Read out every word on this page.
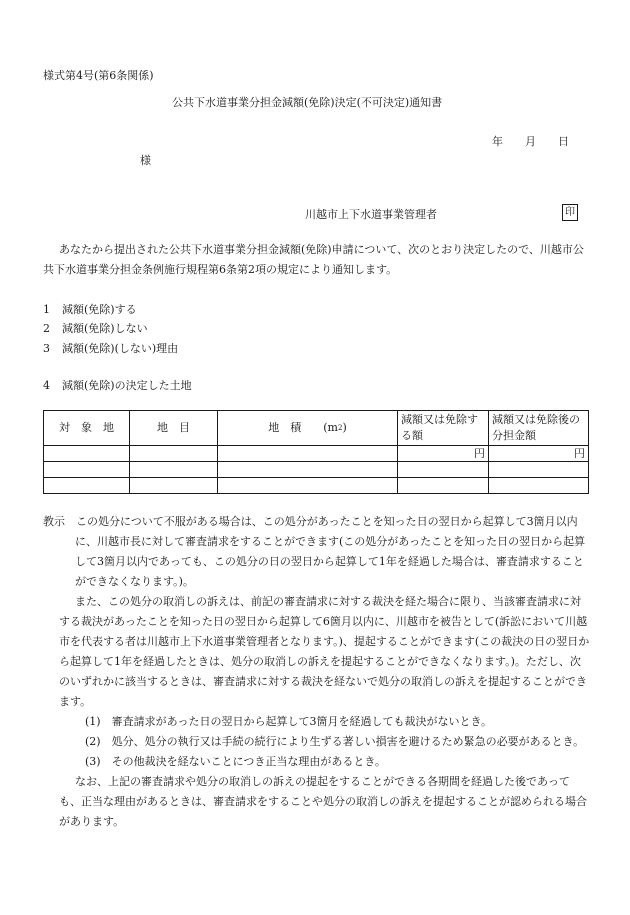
様式第4号(第6条関係)
公共下水道事業分担金減額(免除)決定(不可決定)通知書
年　　月　　日
様
川越市上下水道事業管理者	印
あなたから提出された公共下水道事業分担金減額(免除)申請について、次のとおり決定したので、川越市公共下水道事業分担金条例施行規程第6条第2項の規定により通知します。
1 減額(免除)する
2 減額(免除)しない
3 減額(免除)(しない)理由
4 減額(免除)の決定した土地
対　象　地	地　目	地　積   $(m^2)$	減額又は免除する額	減額又は免除後の分担金額
			円	円

教示  この処分について不服がある場合は、この処分があったことを知った日の翌日から起算して3箇月以内に、川越市長に対して審査請求をすることができます(この処分があったことを知った日の翌日から起算して3箇月以内であっても、この処分の日の翌日から起算して1年を経過した場合は、審査請求することができなくなります。)。

また、この処分の取消しの訴えは、前記の審査請求に対する裁決を経た場合に限り、当該審査請求に対する裁決があったことを知った日の翌日から起算して6箇月以内に、川越市を被告として(訴訟において川越市を代表する者は川越市上下水道事業管理者となります。)、提起することができます(この裁決の日の翌日から起算して1年を経過したときは、処分の取消しの訴えを提起することができなくなります。)。ただし、次のいずれかに該当するときは、審査請求に対する裁決を経ないで処分の取消しの訴えを提起することができます。

(1)  審査請求があった日の翌日から起算して3箇月を経過しても裁決がないとき。

(2)  処分、処分の執行又は手続の続行により生ずる著しい損害を避けるため緊急の必要があるとき。

(3)  その他裁決を経ないことにつき正当な理由があるとき。

なお、上記の審査請求や処分の取消しの訴えの提起をすることができる各期間を経過した後であっても、正当な理由があるときは、審査請求をすることや処分の取消しの訴えを提起することが認められる場合があります。
